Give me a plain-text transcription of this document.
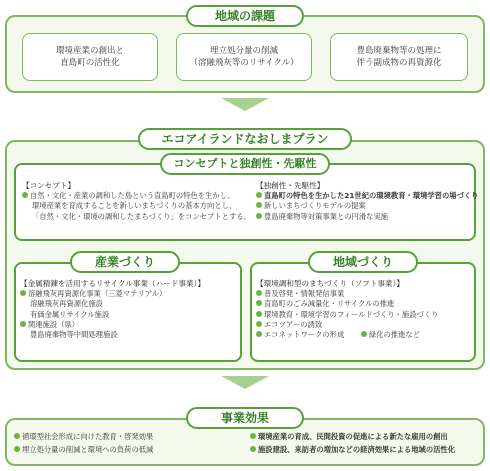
地域の課題
環境産業の創出と
直島町の活性化
埋立処分量の削減
（溶融飛灰等のリサイクル）
豊島廃棄物等の処理に
伴う副成物の再資源化
エコアイランドなおしまプラン
コンセプトと独創性・先駆性
【コンセプト】
自然・文化・産業の調和した島という直島町の特色を生かし、
環境産業を育成することを新しいまちづくりの基本方向とし、
「自然・文化・環境の調和したまちづくり」をコンセプトとする。
【独創性・先駆性】
直島町の特色を生かした21世紀の環境教育・環境学習の場づくり
新しいまちづくりモデルの提案
豊島廃棄物等対策事業との円滑な実施
産業づくり
【金属精錬を活用するリサイクル事業（ハード事業）】
溶融飛灰再資源化事業（三菱マテリアル）
溶融飛灰再資源化施設
有価金属リサイクル施設
関連施設（県）
豊島廃棄物等中間処理施設
地域づくり
【環境調和型のまちづくり（ソフト事業）】
普及啓発・情報発信事業
直島町のごみ減量化・リサイクルの推進
環境教育・環境学習のフィールドづくり・施設づくり
エコツアーの誘致
エコネットワークの形成	緑化の推進など
事業効果
循環型社会形成に向けた教育・啓発効果
埋立処分量の削減と環境への負荷の低減
環境産業の育成、民間投資の促進による新たな雇用の創出
施設建設、来訪者の増加などの経済効果による地域の活性化
